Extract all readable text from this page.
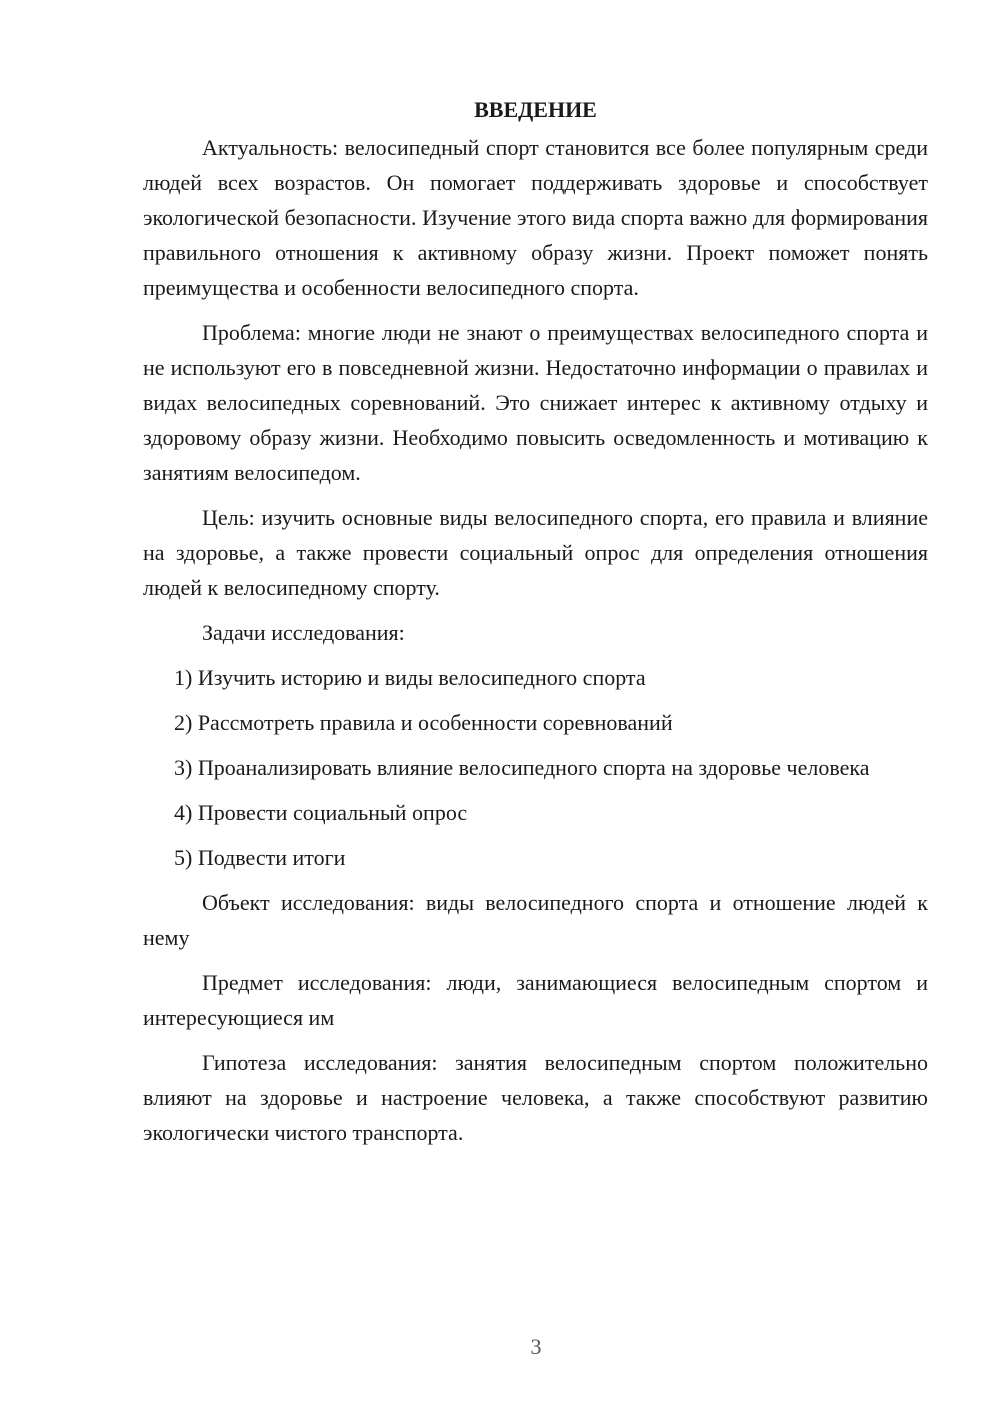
ВВЕДЕНИЕ

Актуальность: велосипедный спорт становится все более популярным среди людей всех возрастов. Он помогает поддерживать здоровье и способствует экологической безопасности. Изучение этого вида спорта важно для формирования правильного отношения к активному образу жизни. Проект поможет понять преимущества и особенности велосипедного спорта.

Проблема: многие люди не знают о преимуществах велосипедного спорта и не используют его в повседневной жизни. Недостаточно информации о правилах и видах велосипедных соревнований. Это снижает интерес к активному отдыху и здоровому образу жизни. Необходимо повысить осведомленность и мотивацию к занятиям велосипедом.

Цель: изучить основные виды велосипедного спорта, его правила и влияние на здоровье, а также провести социальный опрос для определения отношения людей к велосипедному спорту.

Задачи исследования:

1) Изучить историю и виды велосипедного спорта

2) Рассмотреть правила и особенности соревнований

3) Проанализировать влияние велосипедного спорта на здоровье человека

4) Провести социальный опрос

5) Подвести итоги

Объект исследования: виды велосипедного спорта и отношение людей к нему

Предмет исследования: люди, занимающиеся велосипедным спортом и интересующиеся им

Гипотеза исследования: занятия велосипедным спортом положительно влияют на здоровье и настроение человека, а также способствуют развитию экологически чистого транспорта.

3
